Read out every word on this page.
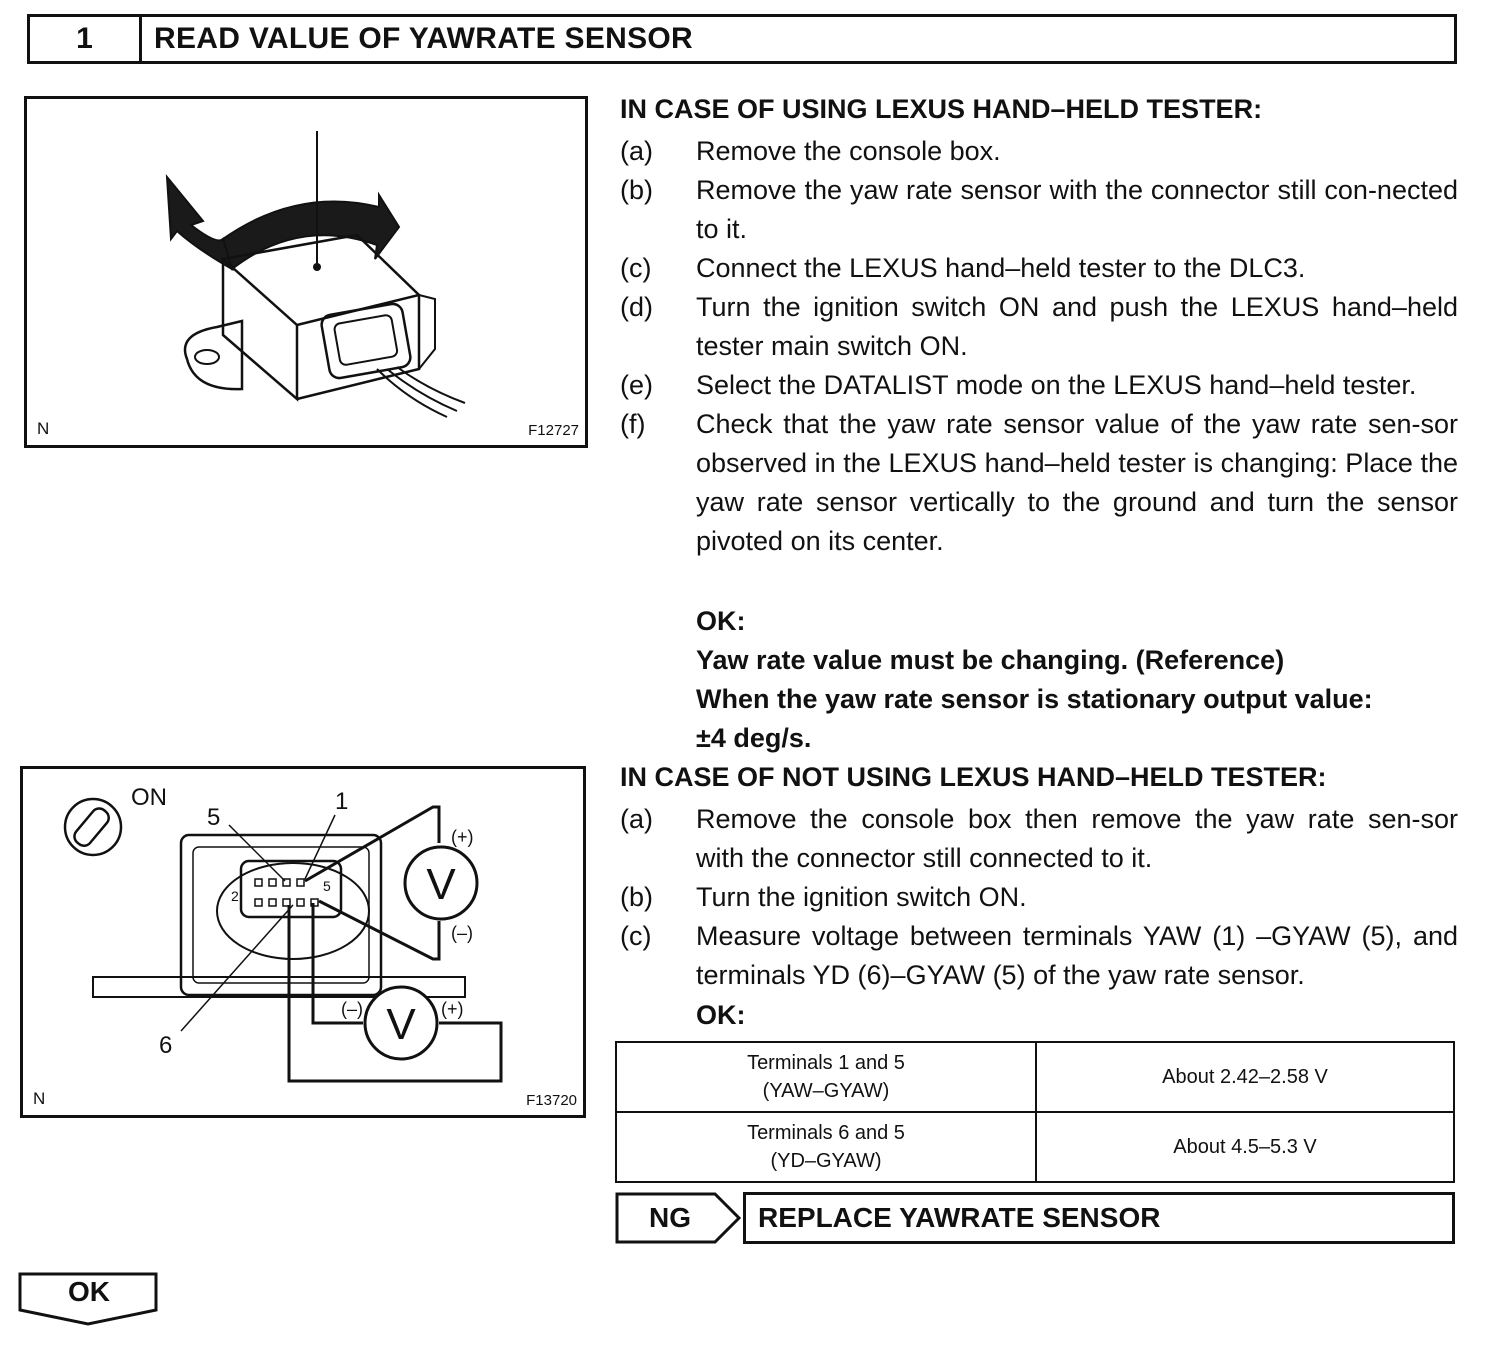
1	READ VALUE OF YAWRATE SENSOR
N	F12727
ON
2
5
5
1
6
V
(+)
(–)
V
(–)	(+)
N	F13720
IN CASE OF USING LEXUS HAND–HELD TESTER:
(a)	Remove the console box.
(b)	Remove the yaw rate sensor with the connector still con-nected to it.
(c)	Connect the LEXUS hand–held tester to the DLC3.
(d)	Turn the ignition switch ON and push the LEXUS hand–held tester main switch ON.
(e)	Select the DATALIST mode on the LEXUS hand–held tester.
(f)	Check that the yaw rate sensor value of the yaw rate sen-sor observed in the LEXUS hand–held tester is changing: Place the yaw rate sensor vertically to the ground and turn the sensor pivoted on its center.
OK:
Yaw rate value must be changing. (Reference)
When the yaw rate sensor is stationary output value:
±4 deg/s.
IN CASE OF NOT USING LEXUS HAND–HELD TESTER:
(a)	Remove the console box then remove the yaw rate sen-sor with the connector still connected to it.
(b)	Turn the ignition switch ON.
(c)	Measure voltage between terminals YAW (1) –GYAW (5), and terminals YD (6)–GYAW (5) of the yaw rate sensor.
OK:
Terminals 1 and 5
(YAW–GYAW)	About 2.42–2.58 V

Terminals 6 and 5
(YD–GYAW)	About 4.5–5.3 V
NG	REPLACE YAWRATE SENSOR
OK
